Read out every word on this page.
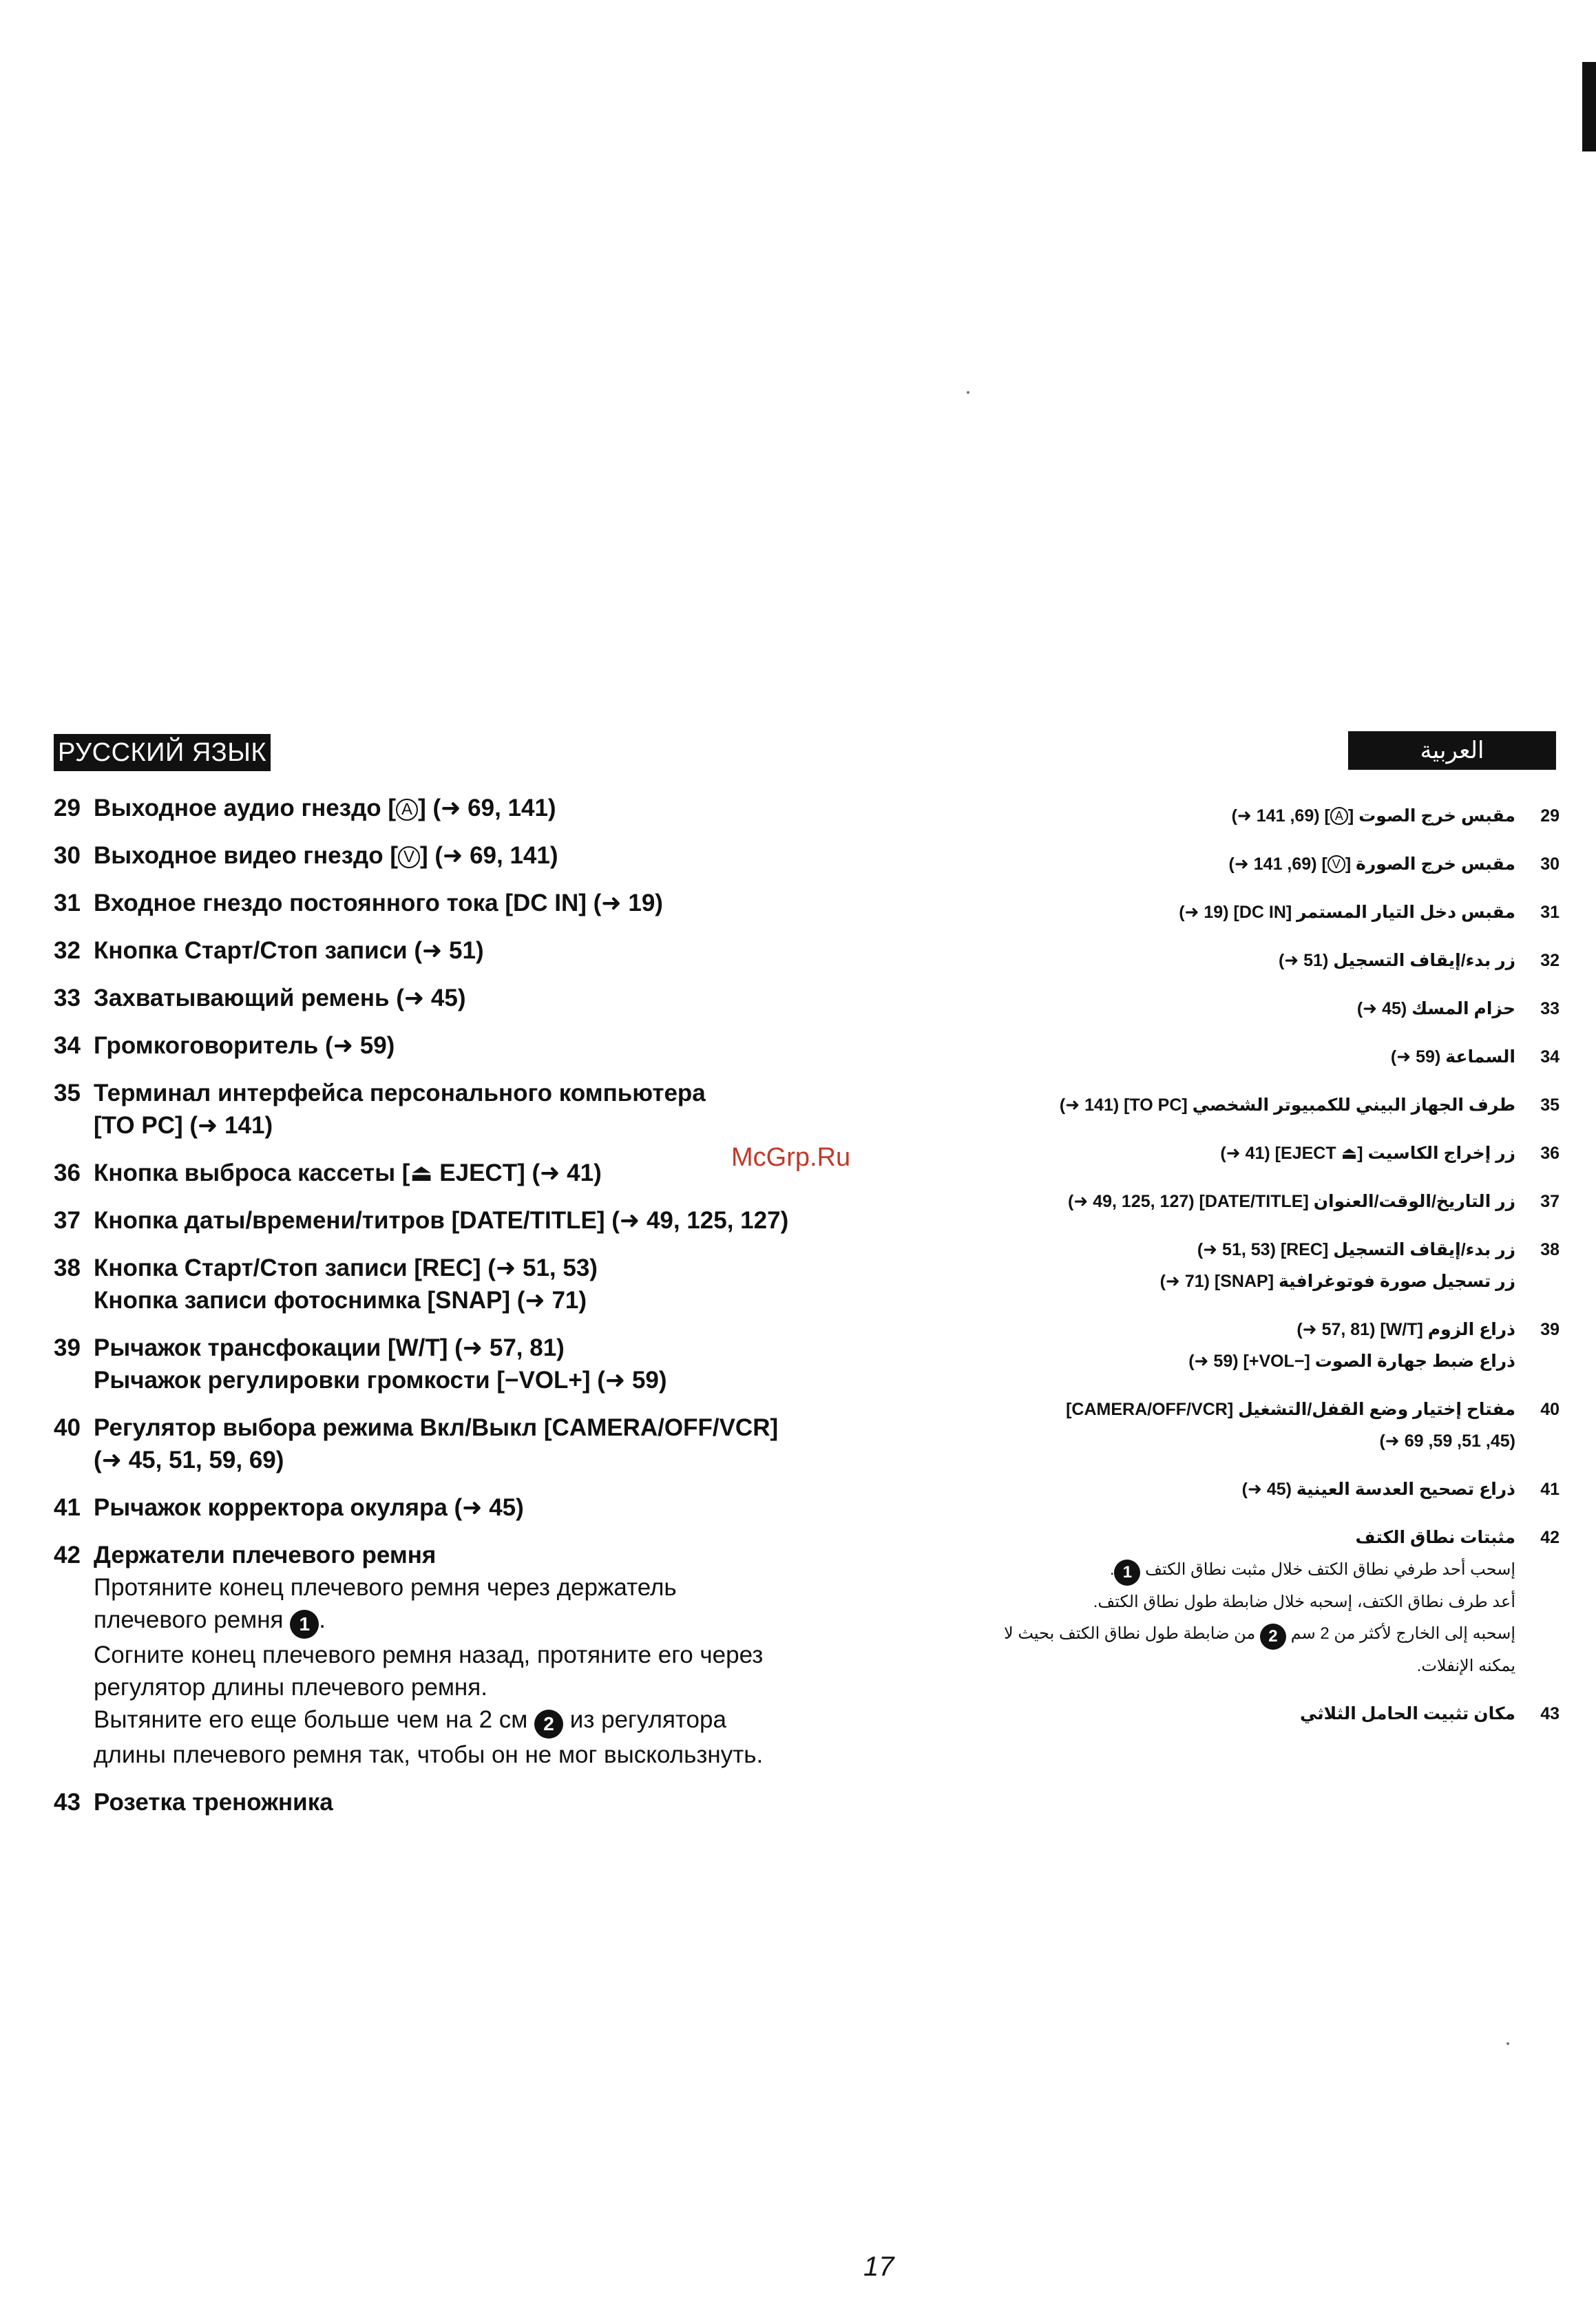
РУССКИЙ ЯЗЫК
29 Выходное аудио гнездо [ A ] (➜ 69, 141)
30 Выходное видео гнездо [ V ] (➜ 69, 141)
31 Входное гнездо постоянного тока [DC IN] (➜ 19)
32 Кнопка Старт/Стоп записи (➜ 51)
33 Захватывающий ремень (➜ 45)
34 Громкоговоритель (➜ 59)
35 Терминал интерфейса персонального компьютера
[TO PC] (➜ 141)
36 Кнопка выброса кассеты [⏏ EJECT] (➜ 41)
37 Кнопка даты/времени/титров [DATE/TITLE] (➜ 49, 125, 127)
38 Кнопка Старт/Стоп записи [REC] (➜ 51, 53)
Кнопка записи фотоснимка [SNAP] (➜ 71)
39 Рычажок трансфокации [W/T] (➜ 57, 81)
Рычажок регулировки громкости [−VOL+] (➜ 59)
40 Регулятор выбора режима Вкл/Выкл [CAMERA/OFF/VCR]
(➜ 45, 51, 59, 69)
41 Рычажок корректора окуляра (➜ 45)
42 Держатели плечевого ремня
Протяните конец плечевого ремня через держатель
плечевого ремня 1 .
Согните конец плечевого ремня назад, протяните его через
регулятор длины плечевого ремня.
Вытяните его еще больше чем на 2 см 2 из регулятора
длины плечевого ремня так, чтобы он не мог выскользнуть.
43 Розетка треножника
McGrp.Ru
العربية
29
مقبس خرج الصوت [A] (69, 141 ➜)
30
مقبس خرج الصورة [V] (69, 141 ➜)
31
مقبس دخل التيار المستمر [DC IN] (19 ➜)
32
زر بدء/إيقاف التسجيل (51 ➜)
33
حزام المسك (45 ➜)
34
السماعة (59 ➜)
35
طرف الجهاز البيني للكمبيوتر الشخصي [TO PC] (141 ➜)
36
زر إخراج الكاسيت [⏏ EJECT] (41 ➜)
37
زر التاريخ/الوقت/العنوان [DATE/TITLE] (49, 125, 127 ➜)
38
زر بدء/إيقاف التسجيل [REC] (51, 53 ➜)
زر تسجيل صورة فوتوغرافية [SNAP] (71 ➜)
39
ذراع الزوم [W/T] (57, 81 ➜)
ذراع ضبط جهارة الصوت [−VOL+] (59 ➜)
40
مفتاح إختيار وضع القفل/التشغيل [CAMERA/OFF/VCR]
(45, 51, 59, 69 ➜)
41
ذراع تصحيح العدسة العينية (45 ➜)
42
مثبتات نطاق الكتف
إسحب أحد طرفي نطاق الكتف خلال مثبت نطاق الكتف 1.
أعد طرف نطاق الكتف، إسحبه خلال ضابطة طول نطاق الكتف.
إسحبه إلى الخارج لأكثر من 2 سم 2 من ضابطة طول نطاق الكتف بحيث لا
يمكنه الإنفلات.
43
مكان تثبيت الحامل الثلاثي
17
